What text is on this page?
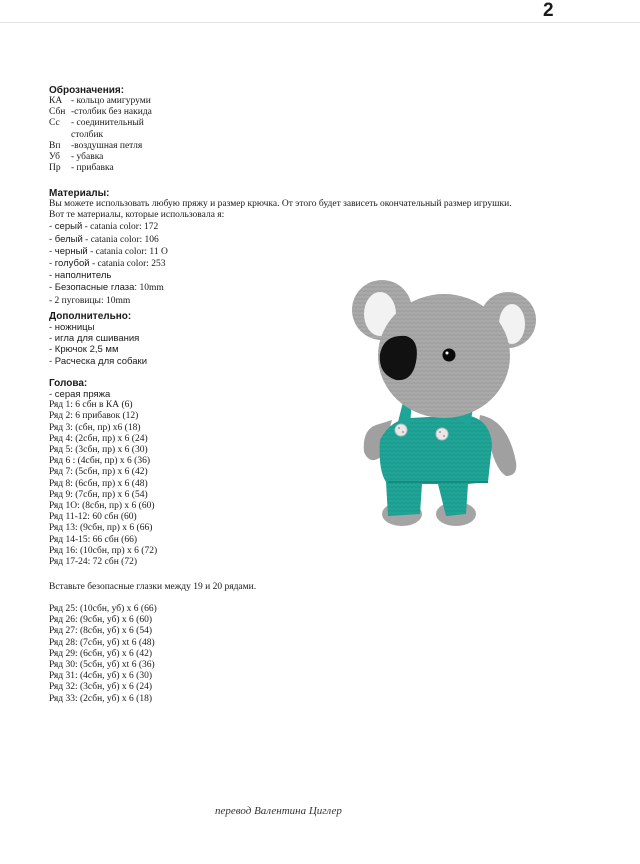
2
Оброзначения:
КА - кольцо амигуруми
Сбн -столбик без накида
Сс - соединительный
столбик
Вп -воздушная петля
Уб - убавка
Пр - прибавка
Материалы:
Вы можете использовать любую пряжу и размер крючка. От этого будет зависеть окончательный размер игрушки.
Вот те материалы, которые использовала я:
- серый - catania color: 172
- белый - catania color: 106
- черный - catania color: 11 O
- голубой - catania color: 253
- наполнитель
- Безопасные глаза: 10mm
- 2 пуговицы: 10mm
Дополнительно:
- ножницы
- игла для сшивания
- Крючок 2,5 мм
- Расческа для собаки
Голова:
- серая пряжа
Ряд 1: 6 сбн в КА (6)
Ряд 2: 6 прибавок (12)
Ряд 3: (сбн, пр) х6 (18)
Ряд 4: (2сбн, пр) х 6 (24)
Ряд 5: (3сбн, пр) х 6 (30)
Ряд 6 : (4сбн, пр) х 6 (36)
Ряд 7: (5сбн, пр) х 6 (42)
Ряд 8: (6сбн, пр) х 6 (48)
Ряд 9: (7сбн, пр) х 6 (54)
Ряд 1О: (8сбн, пр) х 6 (60)
Ряд 11-12: 60 сбн (60)
Ряд 13: (9сбн, пр) х 6 (66)
Ряд 14-15: 66 сбн (66)
Ряд 16: (10сбн, пр) х 6 (72)
Ряд 17-24: 72 сбн (72)
Вставьте безопасные глазки между 19 и 20 рядами.
Ряд 25: (10сбн, уб) х 6 (66)
Ряд 26: (9сбн, уб) х 6 (60)
Ряд 27: (8сбн, уб) х 6 (54)
Ряд 28: (7сбн, уб) хt 6 (48)
Ряд 29: (6сбн, уб) х 6 (42)
Ряд 30: (5сбн, уб) хt 6 (36)
Ряд 31: (4сбн, уб) х 6 (30)
Ряд 32: (3сбн, уб) х 6 (24)
Ряд 33: (2сбн, уб) х 6 (18)
перевод Валентина Циглер
